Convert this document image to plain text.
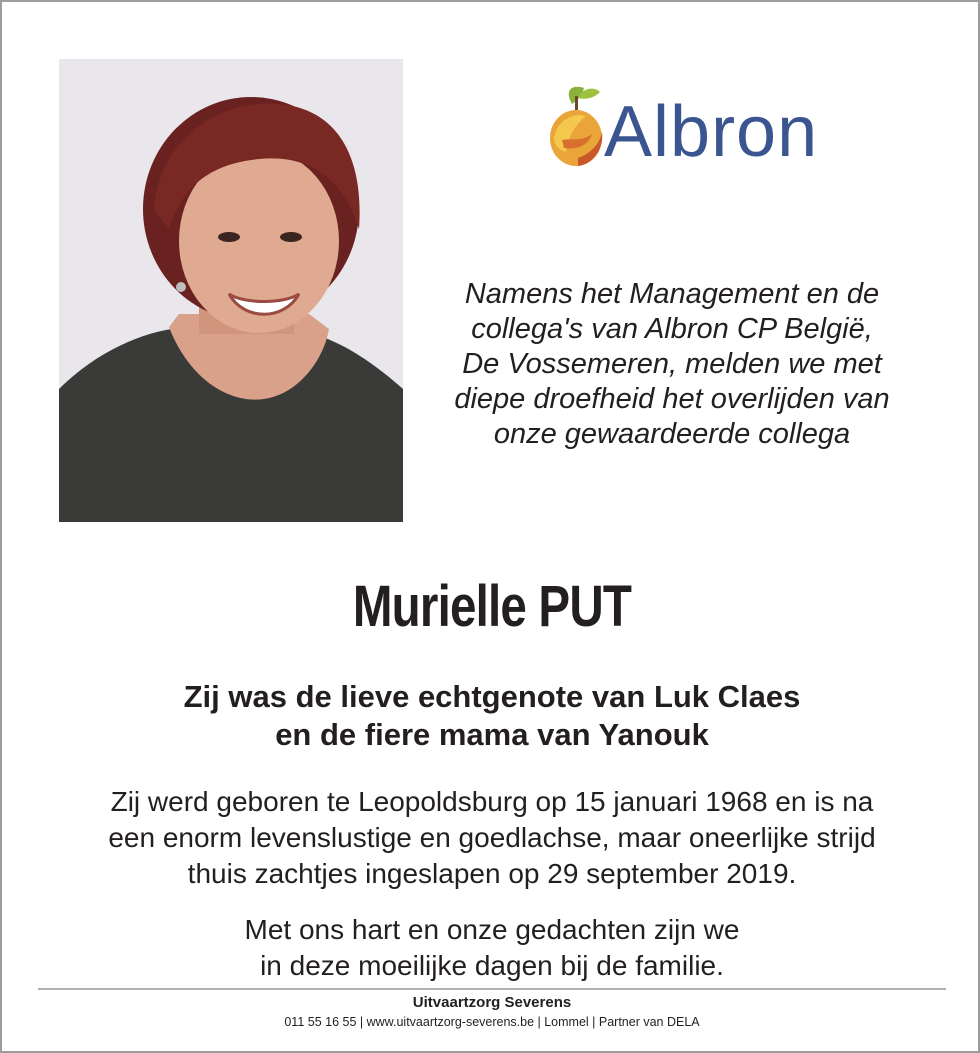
Albron
Namens het Management en de
collega's van Albron CP België,
De Vossemeren, melden we met
diepe droefheid het overlijden van
onze gewaardeerde collega
Murielle PUT
Zij was de lieve echtgenote van Luk Claes
en de fiere mama van Yanouk
Zij werd geboren te Leopoldsburg op 15 januari 1968 en is na
een enorm levenslustige en goedlachse, maar oneerlijke strijd
thuis zachtjes ingeslapen op 29 september 2019.
Met ons hart en onze gedachten zijn we
in deze moeilijke dagen bij de familie.
Uitvaartzorg Severens
011 55 16 55 | www.uitvaartzorg-severens.be | Lommel | Partner van DELA
